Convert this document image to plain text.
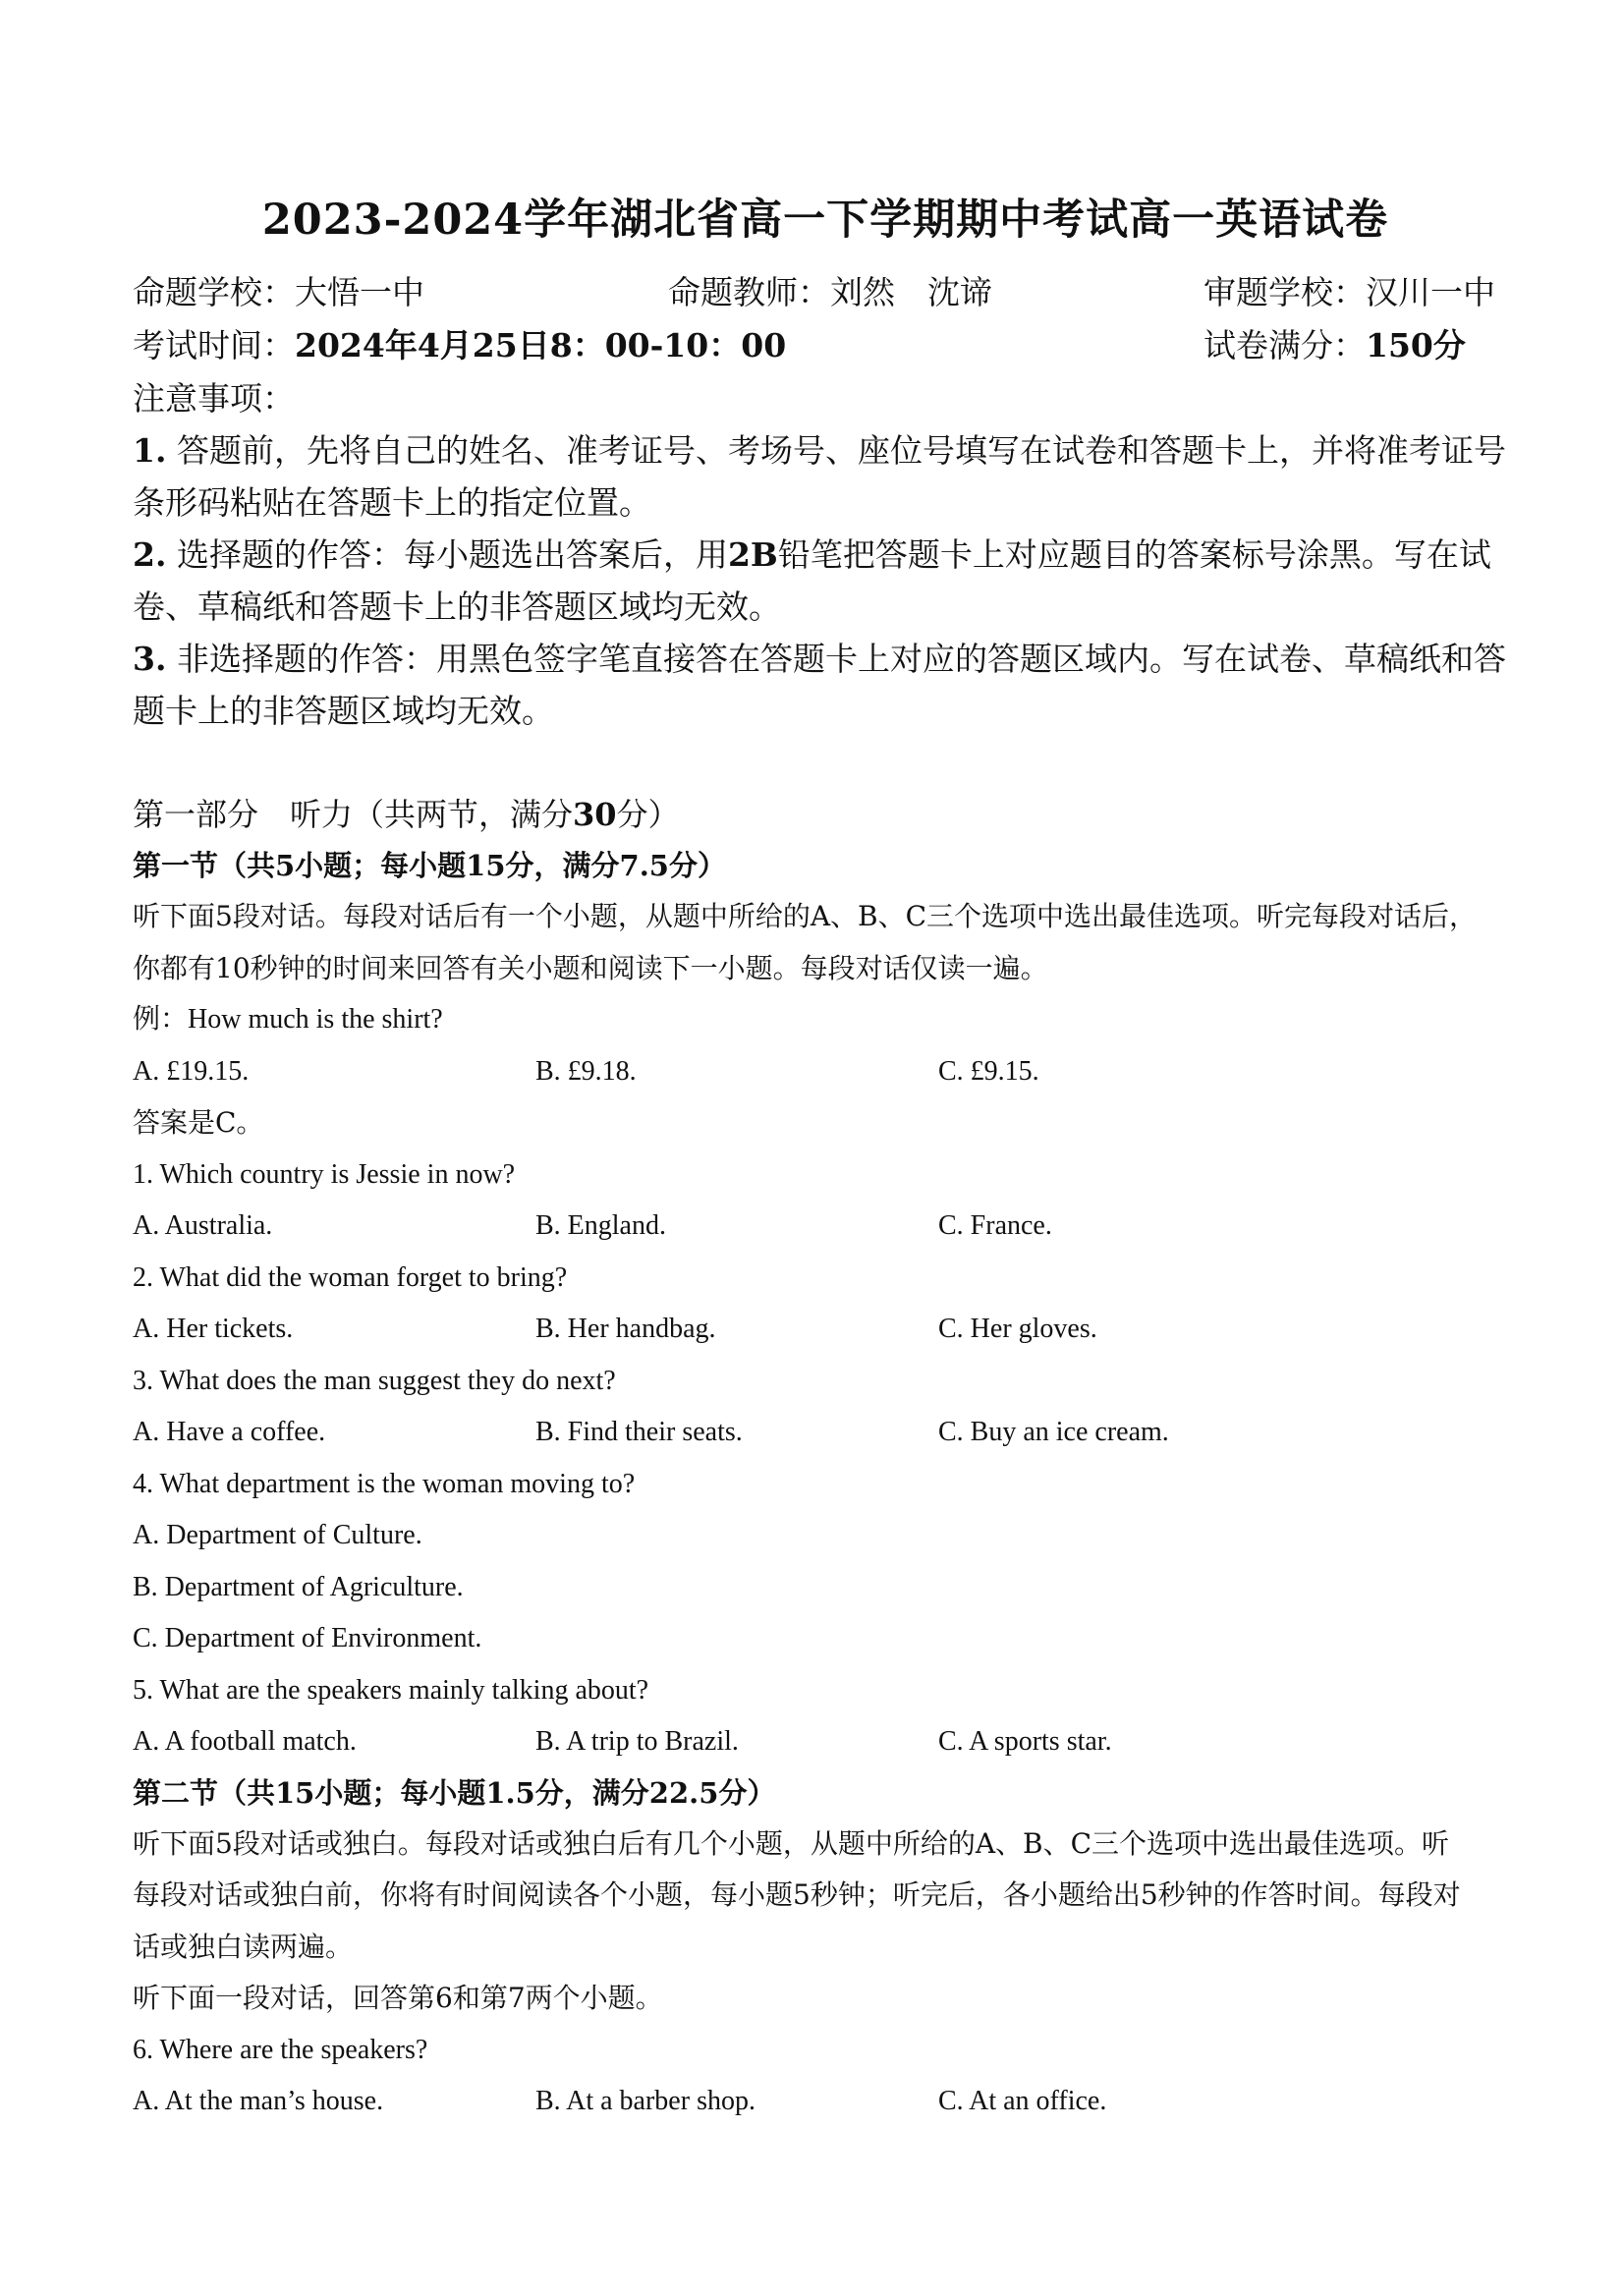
2023-2024学年湖北省高一下学期期中考试高一英语试卷
命题学校：大悟一中	命题教师：刘然　沈谛	审题学校：汉川一中
考试时间：2024年4月25日8：00-10：00	试卷满分：150分

注意事项：

1. 答题前，先将自己的姓名、准考证号、考场号、座位号填写在试卷和答题卡上，并将准考证号条形码粘贴在答题卡上的指定位置。

2. 选择题的作答：每小题选出答案后，用2B铅笔把答题卡上对应题目的答案标号涂黑。写在试卷、草稿纸和答题卡上的非答题区域均无效。

3. 非选择题的作答：用黑色签字笔直接答在答题卡上对应的答题区域内。写在试卷、草稿纸和答题卡上的非答题区域均无效。

第一部分　听力（共两节，满分30分）

第一节（共5小题；每小题15分，满分7.5分）

听下面5段对话。每段对话后有一个小题，从题中所给的A、B、C三个选项中选出最佳选项。听完每段对话后，

你都有10秒钟的时间来回答有关小题和阅读下一小题。每段对话仅读一遍。

例：How much is the shirt?

A. £19.15.	B. £9.18.	C. £9.15.

答案是C。

1. Which country is Jessie in now?

A. Australia.	B. England.	C. France.

2. What did the woman forget to bring?

A. Her tickets.	B. Her handbag.	C. Her gloves.

3. What does the man suggest they do next?

A. Have a coffee.	B. Find their seats.	C. Buy an ice cream.

4. What department is the woman moving to?

A. Department of Culture.

B. Department of Agriculture.

C. Department of Environment.

5. What are the speakers mainly talking about?

A. A football match.	B. A trip to Brazil.	C. A sports star.

第二节（共15小题；每小题1.5分，满分22.5分）

听下面5段对话或独白。每段对话或独白后有几个小题，从题中所给的A、B、C三个选项中选出最佳选项。听

每段对话或独白前，你将有时间阅读各个小题，每小题5秒钟；听完后，各小题给出5秒钟的作答时间。每段对

话或独白读两遍。

听下面一段对话，回答第6和第7两个小题。

6. Where are the speakers?

A. At the man’s house.	B. At a barber shop.	C. At an office.
